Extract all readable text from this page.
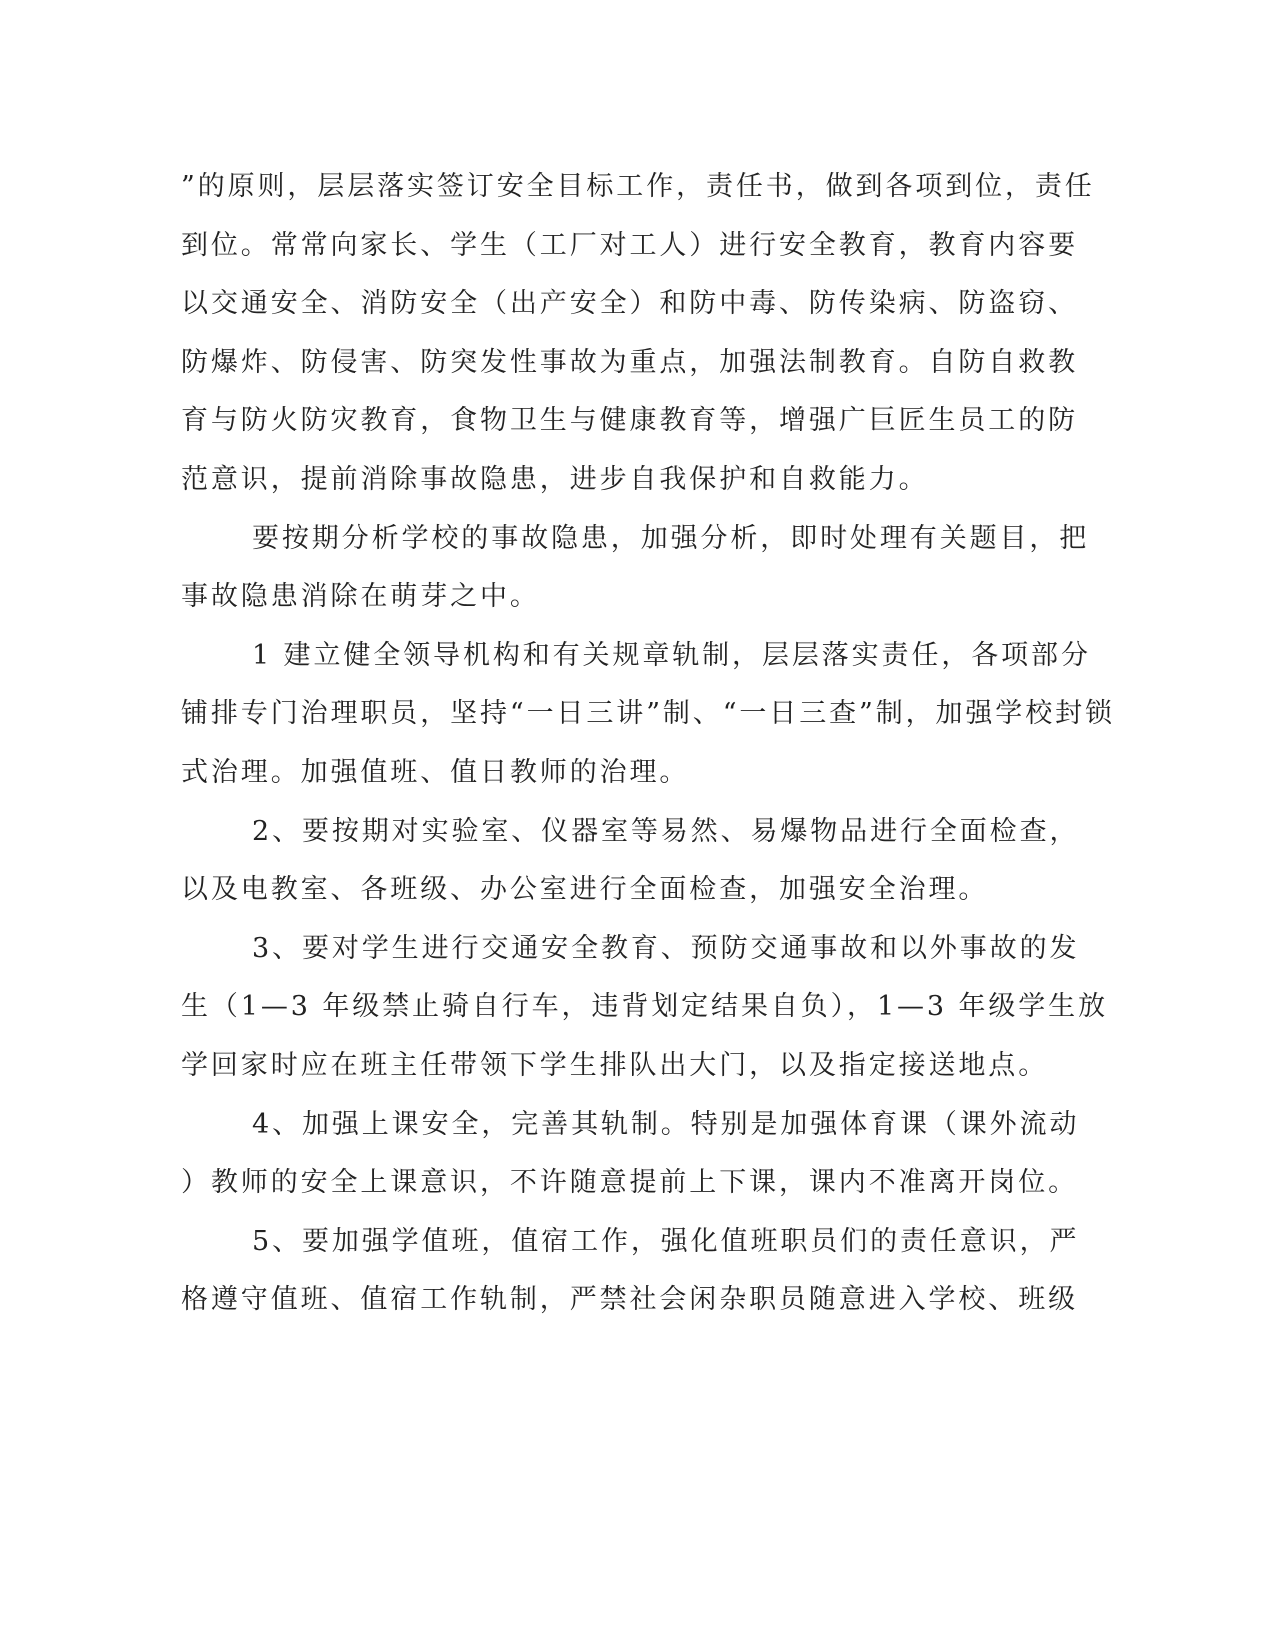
”的原则，层层落实签订安全目标工作，责任书，做到各项到位，责任
到位。常常向家长、学生（工厂对工人）进行安全教育，教育内容要
以交通安全、消防安全（出产安全）和防中毒、防传染病、防盗窃、
防爆炸、防侵害、防突发性事故为重点，加强法制教育。自防自救教
育与防火防灾教育，食物卫生与健康教育等，增强广巨匠生员工的防
范意识，提前消除事故隐患，进步自我保护和自救能力。
要按期分析学校的事故隐患，加强分析，即时处理有关题目，把
事故隐患消除在萌芽之中。
1 建立健全领导机构和有关规章轨制，层层落实责任，各项部分
铺排专门治理职员，坚持“一日三讲”制、“一日三查”制，加强学校封锁
式治理。加强值班、值日教师的治理。
2、要按期对实验室、仪器室等易然、易爆物品进行全面检查，
以及电教室、各班级、办公室进行全面检查，加强安全治理。
3、要对学生进行交通安全教育、预防交通事故和以外事故的发
生（1—3 年级禁止骑自行车，违背划定结果自负），1—3 年级学生放
学回家时应在班主任带领下学生排队出大门，以及指定接送地点。
4、加强上课安全，完善其轨制。特别是加强体育课（课外流动
）教师的安全上课意识，不许随意提前上下课，课内不准离开岗位。
5、要加强学值班，值宿工作，强化值班职员们的责任意识，严
格遵守值班、值宿工作轨制，严禁社会闲杂职员随意进入学校、班级
